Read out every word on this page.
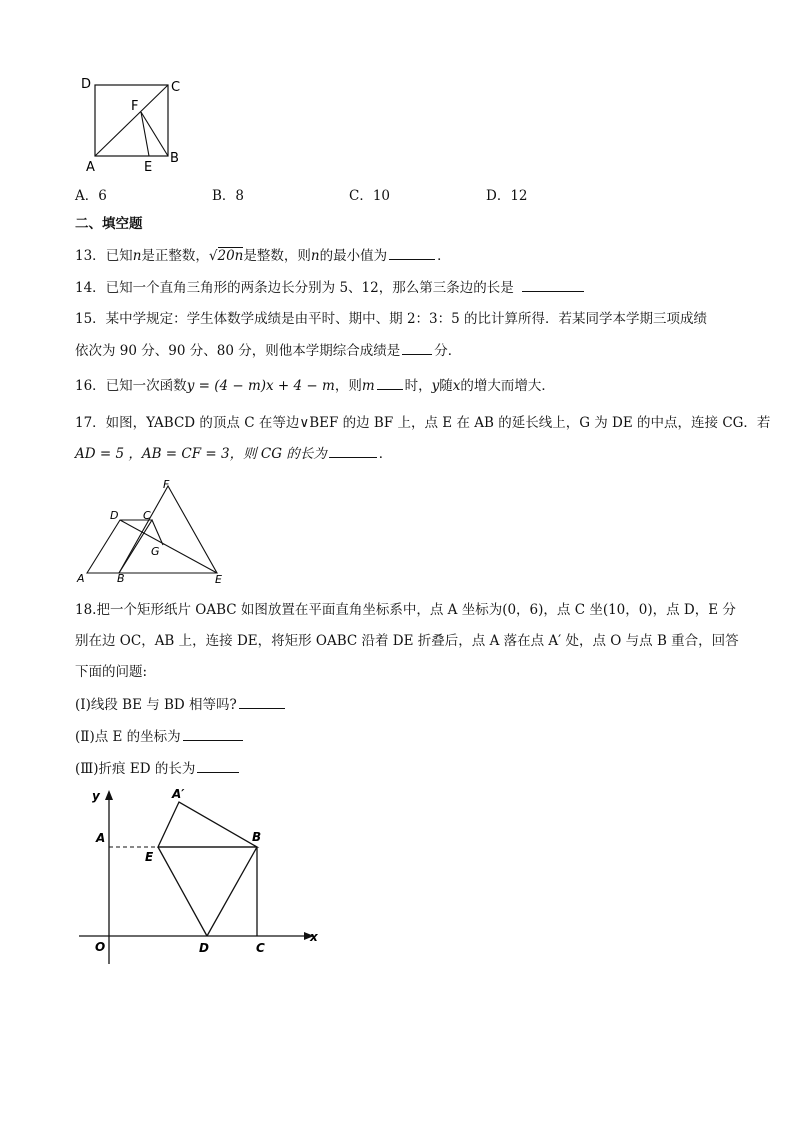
D	C
F
A	E
B
A．6	B．8	C．10	D．12
二、填空题
13．已知n是正整数，√20n是整数，则n的最小值为	．
14．已知一个直角三角形的两条边长分别为 5、12，那么第三条边的长是
15．某中学规定：学生体数学成绩是由平时、期中、期 2：3：5 的比计算所得．若某同学本学期三项成绩
依次为 90 分、90 分、80 分，则他本学期综合成绩是	分．
16．已知一次函数y = (4 − m)x + 4 − m，则m 时，y随x的增大而增大．
17．如图，YABCD 的顶点 C 在等边∨BEF 的边 BF 上，点 E 在 AB 的延长线上，G 为 DE 的中点，连接 CG．若
AD = 5 ，AB = CF = 3，则 CG 的长为	．
F
D C
G
A	B	E
18.把一个矩形纸片 OABC 如图放置在平面直角坐标系中，点 A 坐标为(0，6)，点 C 坐(10，0)，点 D，E 分
别在边 OC，AB 上，连接 DE，将矩形 OABC 沿着 DE 折叠后，点 A 落在点 A′ 处，点 O 与点 B 重合，回答
下面的问题:
(Ⅰ)线段 BE 与 BD 相等吗?
(Ⅱ)点 E 的坐标为
(Ⅲ)折痕 ED 的长为
y	A′
A	B
E
O	D	C
x
